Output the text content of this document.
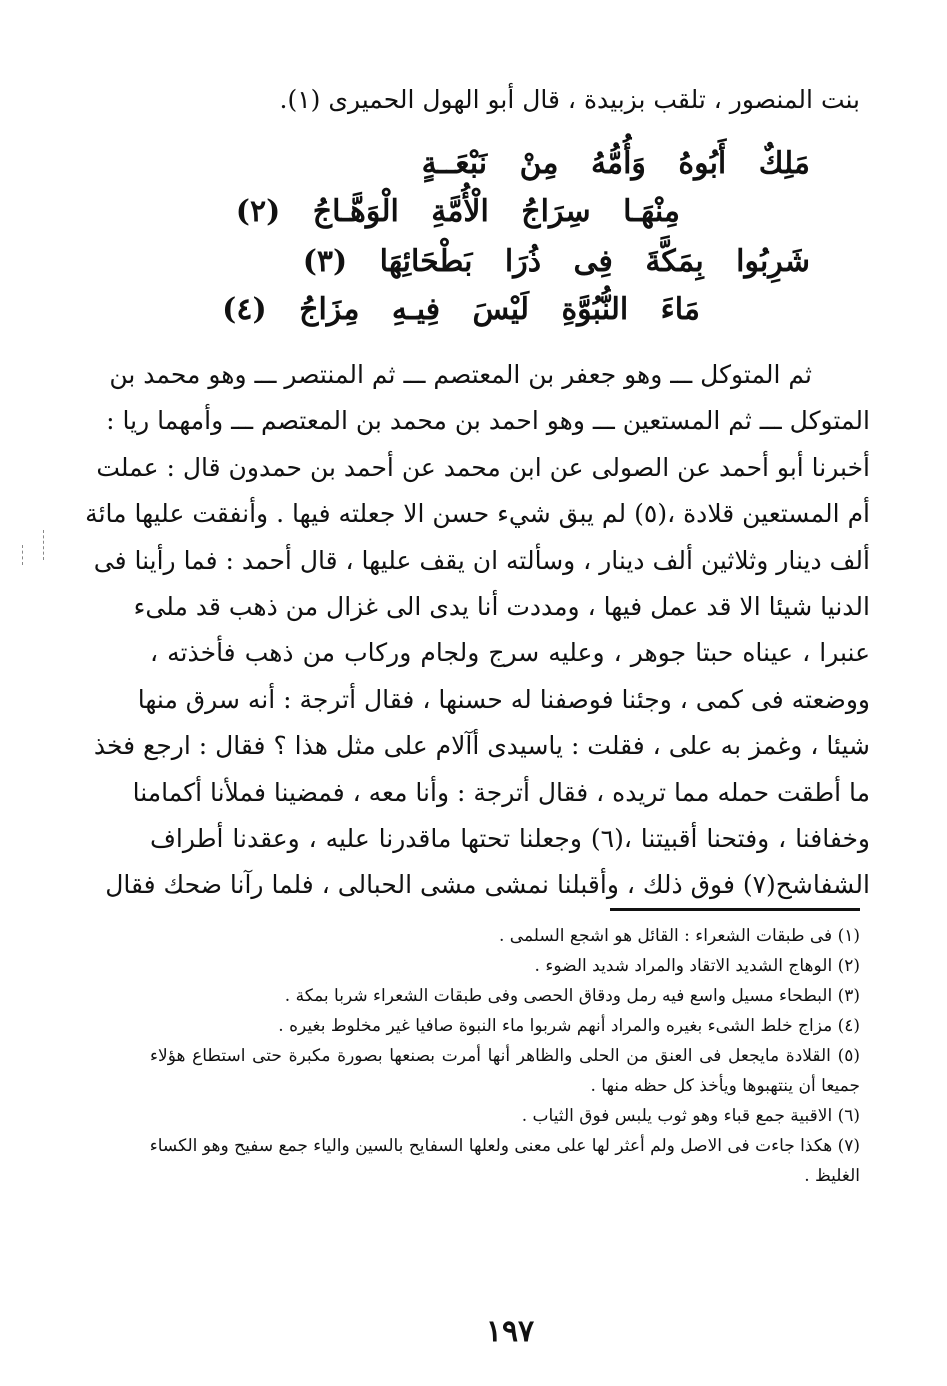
بنت المنصور ، تلقب بزبيدة ، قال أبو الهول الحميرى (١).
مَلِكٌ أَبُوهُ وَأُمُّهُ مِنْ نَبْعَــةٍ
مِنْهَـا سِرَاجُ الْأُمَّةِ الْوَهَّـاجُ (٢)
شَرِبُوا بِمَكَّةَ فِى ذُرَا بَطْحَائِهَا (٣)
مَاءَ النُّبُوَّةِ لَيْسَ فِيـهِ مِزَاجُ (٤)
ثم المتوكل ـــ وهو جعفر بن المعتصم ـــ ثم المنتصر ـــ وهو محمد بن
المتوكل ـــ ثم المستعين ـــ وهو احمد بن محمد بن المعتصم ـــ وأمهما ريا :
أخبرنا أبو أحمد عن الصولى عن ابن محمد عن أحمد بن حمدون قال : عملت
أم المستعين قلادة ،(٥) لم يبق شيء حسن الا جعلته فيها . وأنفقت عليها مائة
ألف دينار وثلاثين ألف دينار ، وسألته ان يقف عليها ، قال أحمد : فما رأينا فى
الدنيا شيئا الا قد عمل فيها ، ومددت أنا يدى الى غزال من ذهب قد ملىء
عنبرا ، عيناه حبتا جوهر ، وعليه سرج ولجام وركاب من ذهب فأخذته ،
ووضعته فى كمى ، وجئنا فوصفنا له حسنها ، فقال أترجة : أنه سرق منها
شيئا ، وغمز به على ، فقلت : ياسيدى أآلام على مثل هذا ؟ فقال : ارجع فخذ
ما أطقت حمله مما تريده ، فقال أترجة : وأنا معه ، فمضينا فملأنا أكمامنا
وخفافنا ، وفتحنا أقبيتنا ،(٦) وجعلنا تحتها ماقدرنا عليه ، وعقدنا أطراف
الشفاشح(٧) فوق ذلك ، وأقبلنا نمشى مشى الحبالى ، فلما رآنا ضحك فقال
(١) فى طبقات الشعراء : القائل هو اشجع السلمى .
(٢) الوهاج الشديد الاتقاد والمراد شديد الضوء .
(٣) البطحاء مسيل واسع فيه رمل ودقاق الحصى وفى طبقات الشعراء شربا بمكة .
(٤) مزاج خلط الشىء بغيره والمراد أنهم شربوا ماء النبوة صافيا غير مخلوط بغيره .
(٥) القلادة مايجعل فى العنق من الحلى والظاهر أنها أمرت بصنعها بصورة مكبرة حتى استطاع هؤلاء
جميعا أن ينتهبوها ويأخذ كل حظه منها .
(٦) الاقبية جمع قباء وهو ثوب يلبس فوق الثياب .
(٧) هكذا جاءت فى الاصل ولم أعثر لها على معنى ولعلها السفايح بالسين والياء جمع سفيح وهو الكساء
الغليظ .
١٩٧
